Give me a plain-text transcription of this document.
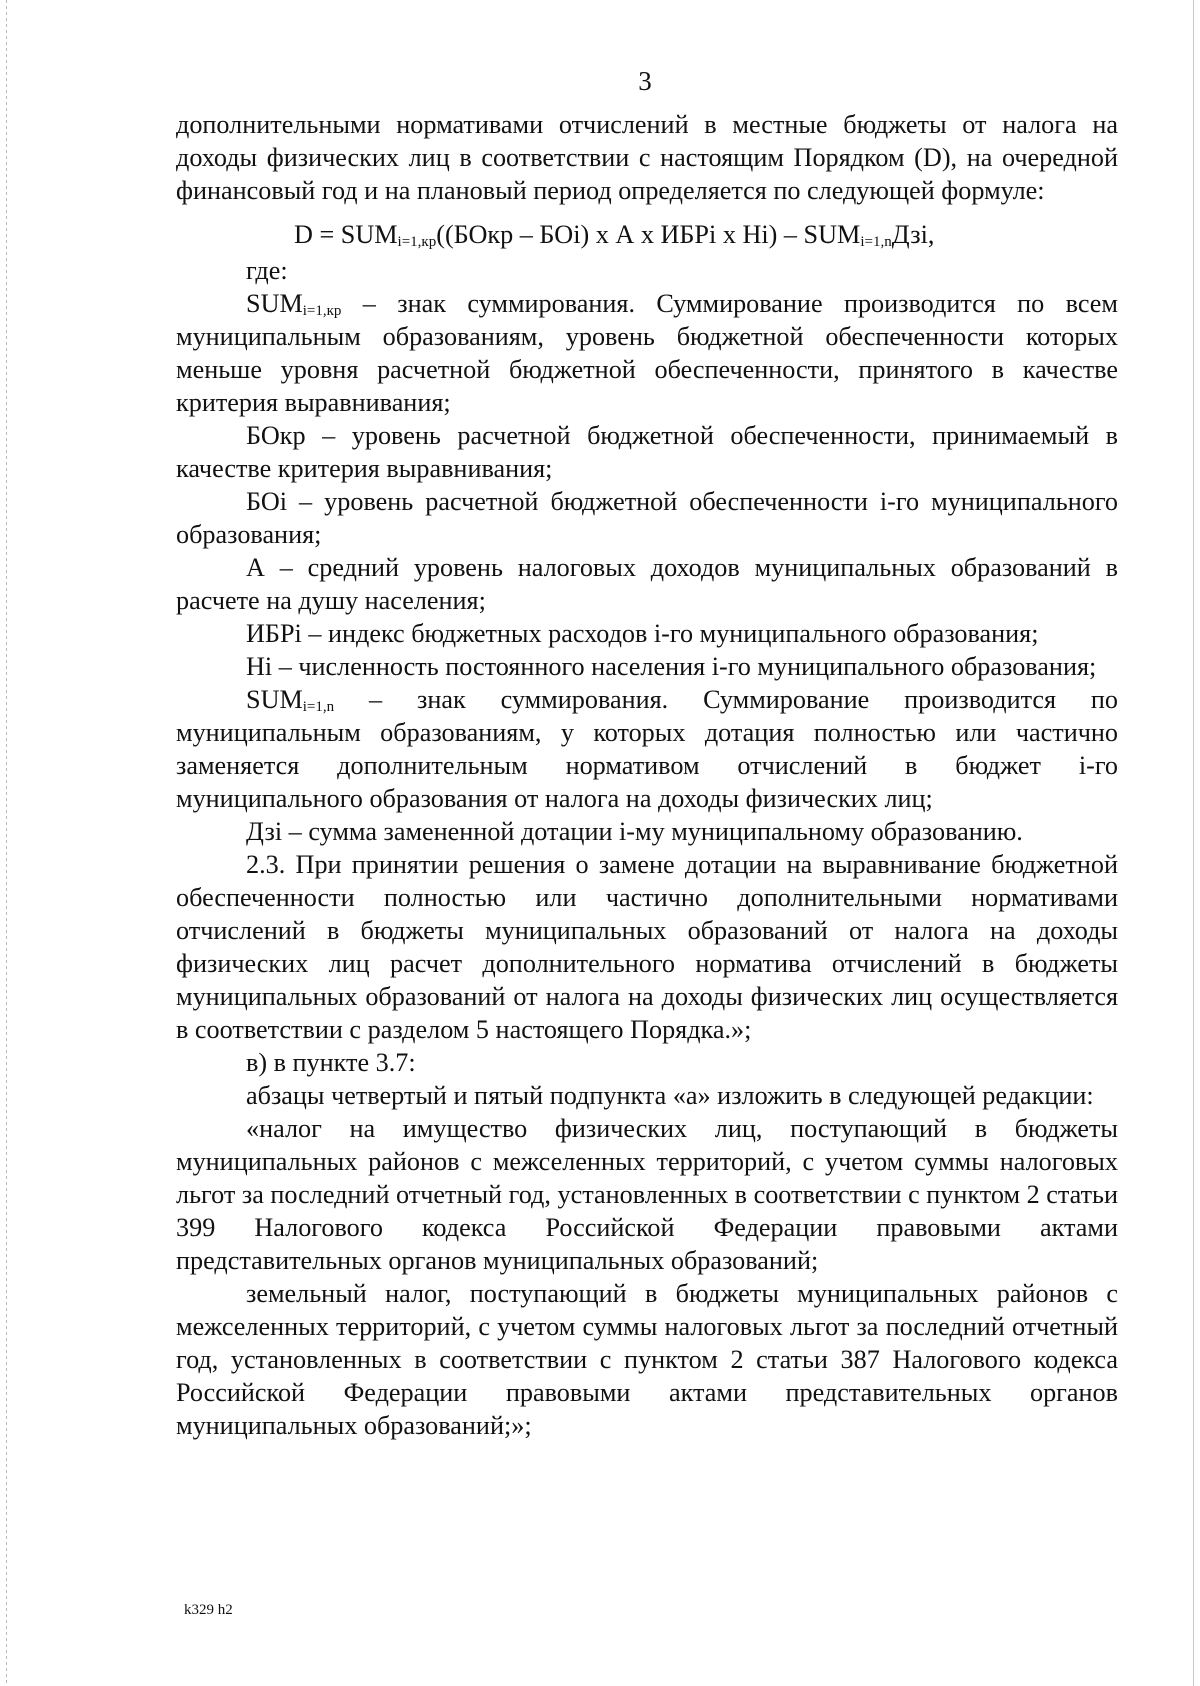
3

дополнительными нормативами отчислений в местные бюджеты от налога на доходы физических лиц в соответствии с настоящим Порядком (D), на очередной финансовый год и на плановый период определяется по следующей формуле:

$D = SUM_{i=1,кр}((БОкр - БОi)$ x А x ИБРi x $Нi) - SUM_{i=1,n}Дзi$,

где:

$SUM_{i=1,кр}$ – знак суммирования. Суммирование производится по всем муниципальным образованиям, уровень бюджетной обеспеченности которых меньше уровня расчетной бюджетной обеспеченности, принятого в качестве критерия выравнивания;

БОкр – уровень расчетной бюджетной обеспеченности, принимаемый в качестве критерия выравнивания;

БОi – уровень расчетной бюджетной обеспеченности i-го муниципального образования;

А – средний уровень налоговых доходов муниципальных образований в расчете на душу населения;

ИБРi – индекс бюджетных расходов i-го муниципального образования;

Нi – численность постоянного населения i-го муниципального образования;

$SUM_{i=1,n}$ – знак суммирования. Суммирование производится по муниципальным образованиям, у которых дотация полностью или частично заменяется дополнительным нормативом отчислений в бюджет i-го муниципального образования от налога на доходы физических лиц;

Дзi – сумма замененной дотации i-му муниципальному образованию.

2.3. При принятии решения о замене дотации на выравнивание бюджетной обеспеченности полностью или частично дополнительными нормативами отчислений в бюджеты муниципальных образований от налога на доходы физических лиц расчет дополнительного норматива отчислений в бюджеты муниципальных образований от налога на доходы физических лиц осуществляется в соответствии с разделом 5 настоящего Порядка.»;

в) в пункте 3.7:

абзацы четвертый и пятый подпункта «а» изложить в следующей редакции:

«налог на имущество физических лиц, поступающий в бюджеты муниципальных районов с межселенных территорий, с учетом суммы налоговых льгот за последний отчетный год, установленных в соответствии с пунктом 2 статьи 399 Налогового кодекса Российской Федерации правовыми актами представительных органов муниципальных образований;

земельный налог, поступающий в бюджеты муниципальных районов с межселенных территорий, с учетом суммы налоговых льгот за последний отчетный год, установленных в соответствии с пунктом 2 статьи 387 Налогового кодекса Российской Федерации правовыми актами представительных органов муниципальных образований;»;

k329 h2
